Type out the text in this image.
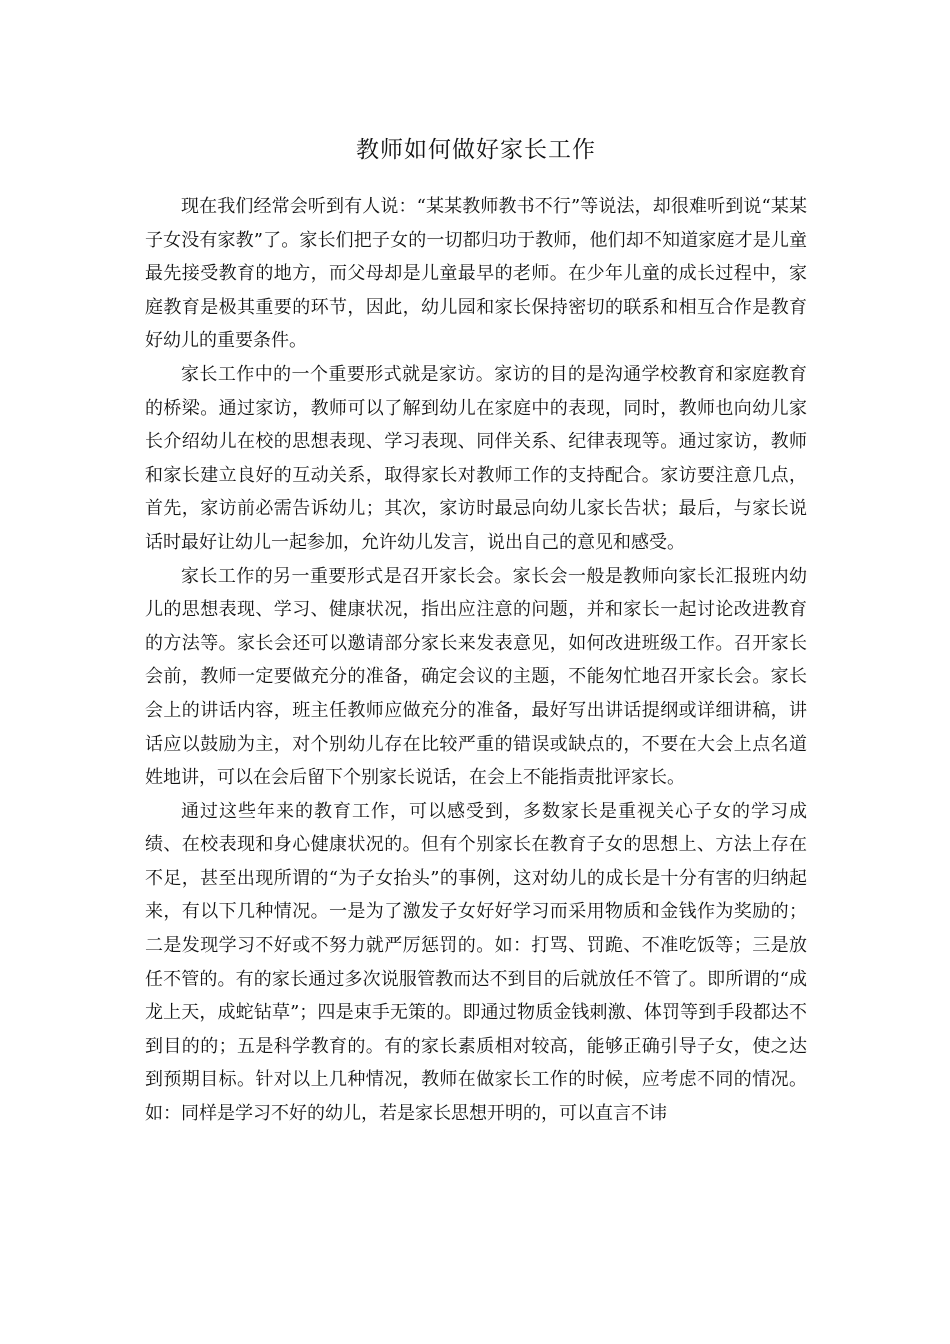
教师如何做好家长工作

现在我们经常会听到有人说：“某某教师教书不行”等说法，却很难听到说“某某子女没有家教”了。家长们把子女的一切都归功于教师，他们却不知道家庭才是儿童最先接受教育的地方，而父母却是儿童最早的老师。在少年儿童的成长过程中，家庭教育是极其重要的环节，因此，幼儿园和家长保持密切的联系和相互合作是教育好幼儿的重要条件。

家长工作中的一个重要形式就是家访。家访的目的是沟通学校教育和家庭教育的桥梁。通过家访，教师可以了解到幼儿在家庭中的表现，同时，教师也向幼儿家长介绍幼儿在校的思想表现、学习表现、同伴关系、纪律表现等。通过家访，教师和家长建立良好的互动关系，取得家长对教师工作的支持配合。家访要注意几点，首先，家访前必需告诉幼儿；其次，家访时最忌向幼儿家长告状；最后，与家长说话时最好让幼儿一起参加，允许幼儿发言，说出自己的意见和感受。

家长工作的另一重要形式是召开家长会。家长会一般是教师向家长汇报班内幼儿的思想表现、学习、健康状况，指出应注意的问题，并和家长一起讨论改进教育的方法等。家长会还可以邀请部分家长来发表意见，如何改进班级工作。召开家长会前，教师一定要做充分的准备，确定会议的主题，不能匆忙地召开家长会。家长会上的讲话内容，班主任教师应做充分的准备，最好写出讲话提纲或详细讲稿，讲话应以鼓励为主，对个别幼儿存在比较严重的错误或缺点的，不要在大会上点名道姓地讲，可以在会后留下个别家长说话，在会上不能指责批评家长。

通过这些年来的教育工作，可以感受到，多数家长是重视关心子女的学习成绩、在校表现和身心健康状况的。但有个别家长在教育子女的思想上、方法上存在不足，甚至出现所谓的“为子女抬头”的事例，这对幼儿的成长是十分有害的归纳起来，有以下几种情况。一是为了激发子女好好学习而采用物质和金钱作为奖励的；二是发现学习不好或不努力就严厉惩罚的。如：打骂、罚跪、不准吃饭等；三是放任不管的。有的家长通过多次说服管教而达不到目的后就放任不管了。即所谓的“成龙上天，成蛇钻草”；四是束手无策的。即通过物质金钱刺激、体罚等到手段都达不到目的的；五是科学教育的。有的家长素质相对较高，能够正确引导子女，使之达到预期目标。针对以上几种情况，教师在做家长工作的时候，应考虑不同的情况。如：同样是学习不好的幼儿，若是家长思想开明的，可以直言不讳
